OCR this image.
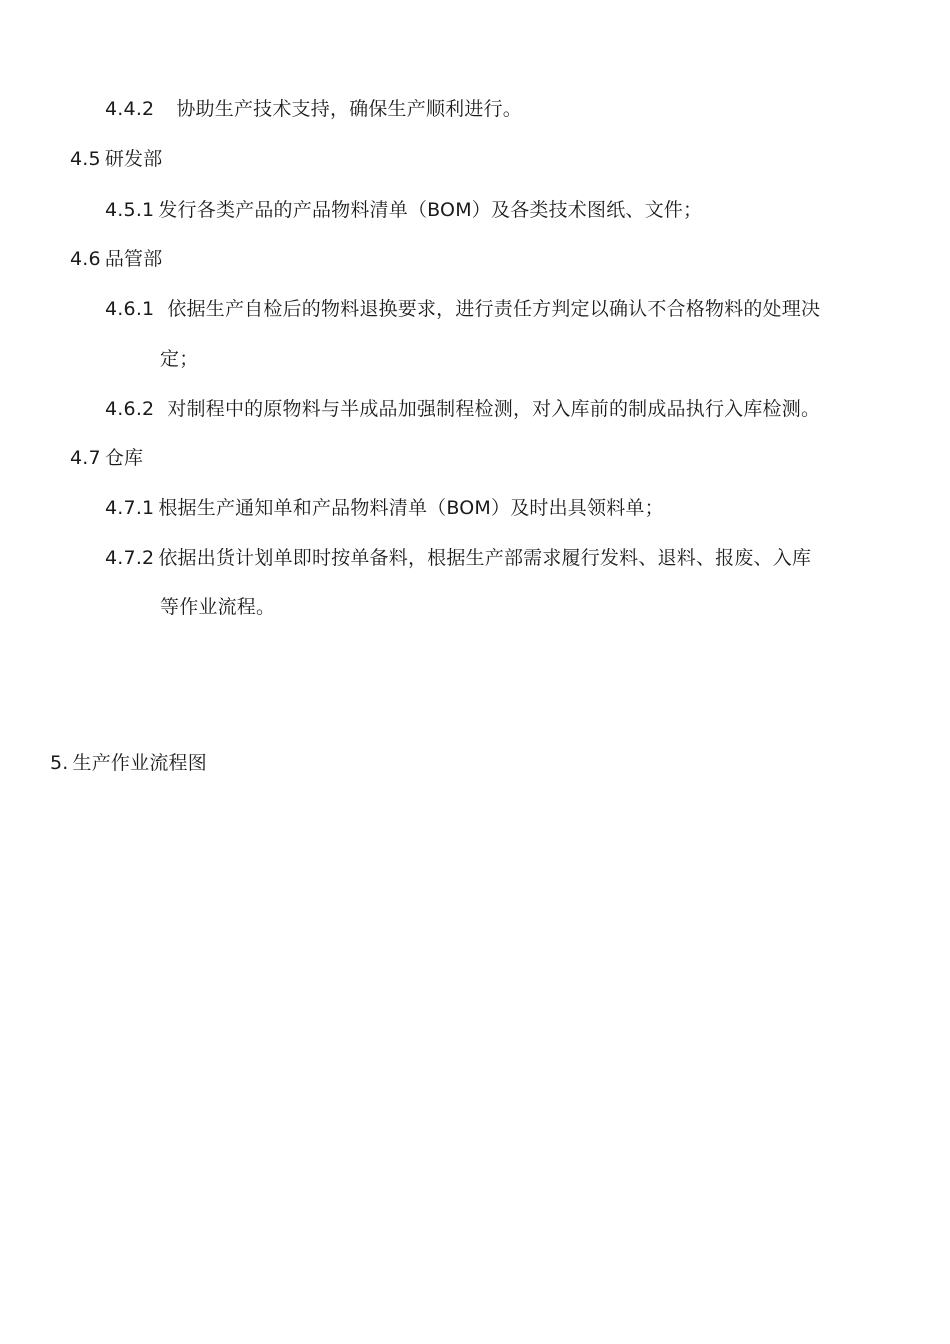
4.4.2 协助生产技术支持，确保生产顺利进行。
4.5 研发部
4.5.1 发行各类产品的产品物料清单（BOM）及各类技术图纸、文件；
4.6 品管部
4.6.1 依据生产自检后的物料退换要求，进行责任方判定以确认不合格物料的处理决
定；
4.6.2 对制程中的原物料与半成品加强制程检测，对入库前的制成品执行入库检测。
4.7 仓库
4.7.1 根据生产通知单和产品物料清单（BOM）及时出具领料单；
4.7.2 依据出货计划单即时按单备料，根据生产部需求履行发料、退料、报废、入库
等作业流程。
5. 生产作业流程图
